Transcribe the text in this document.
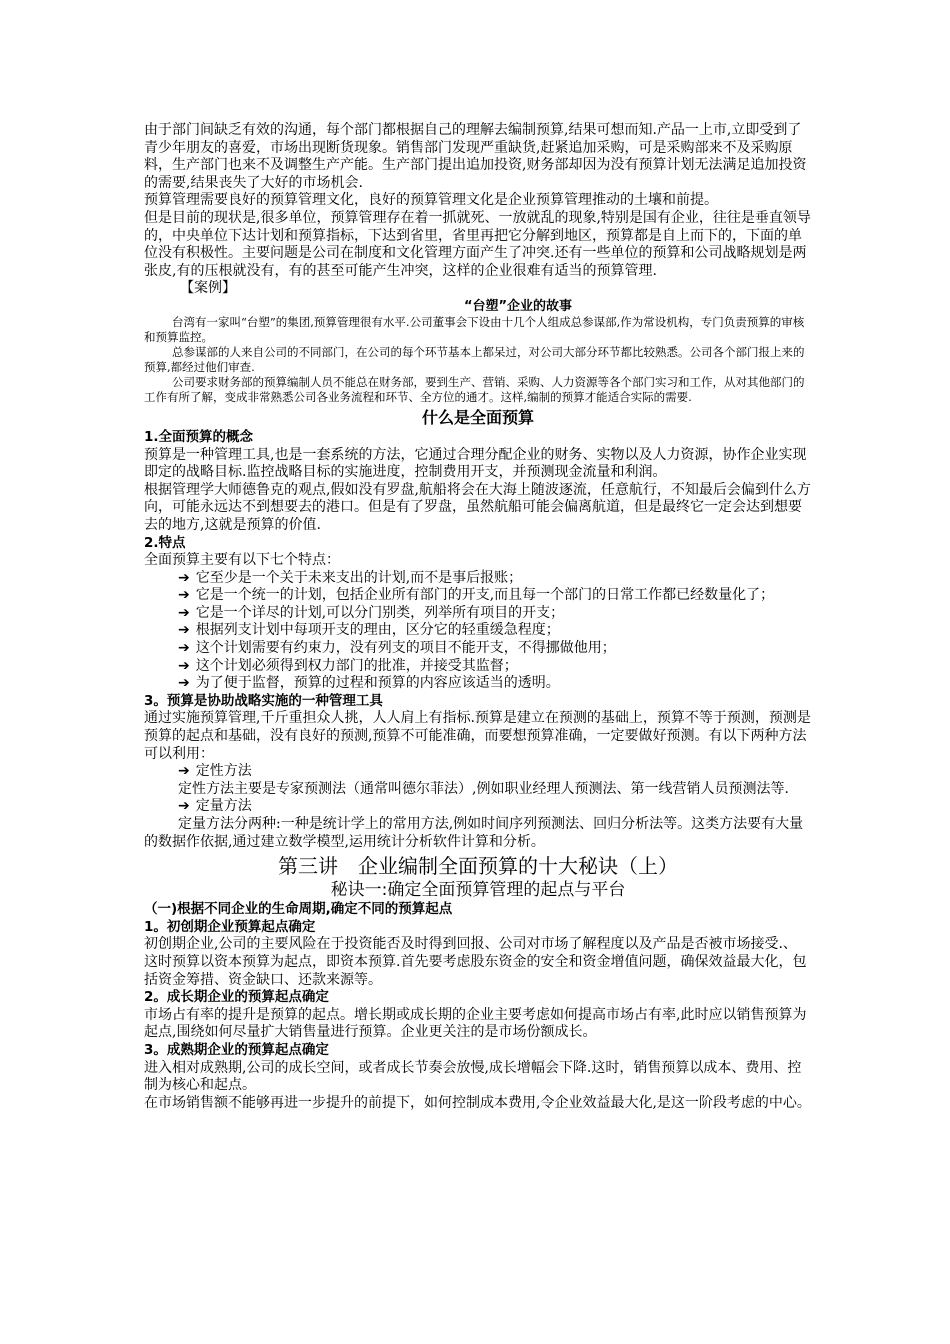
由于部门间缺乏有效的沟通，每个部门都根据自己的理解去编制预算,结果可想而知.产品一上市,立即受到了青少年朋友的喜爱，市场出现断货现象。销售部门发现严重缺货,赶紧追加采购，可是采购部来不及采购原料，生产部门也来不及调整生产产能。生产部门提出追加投资,财务部却因为没有预算计划无法满足追加投资的需要,结果丧失了大好的市场机会.

预算管理需要良好的预算管理文化，良好的预算管理文化是企业预算管理推动的土壤和前提。

但是目前的现状是,很多单位，预算管理存在着一抓就死、一放就乱的现象,特别是国有企业，往往是垂直领导的，中央单位下达计划和预算指标，下达到省里，省里再把它分解到地区，预算都是自上而下的，下面的单位没有积极性。主要问题是公司在制度和文化管理方面产生了冲突.还有一些单位的预算和公司战略规划是两张皮,有的压根就没有，有的甚至可能产生冲突，这样的企业很难有适当的预算管理.

【案例】

“台塑”企业的故事

台湾有一家叫“台塑”的集团,预算管理很有水平.公司董事会下设由十几个人组成总参谋部,作为常设机构，专门负责预算的审核和预算监控。

总参谋部的人来自公司的不同部门，在公司的每个环节基本上都呆过，对公司大部分环节都比较熟悉。公司各个部门报上来的预算,都经过他们审查.

公司要求财务部的预算编制人员不能总在财务部，要到生产、营销、采购、人力资源等各个部门实习和工作，从对其他部门的工作有所了解，变成非常熟悉公司各业务流程和环节、全方位的通才。这样,编制的预算才能适合实际的需要.

什么是全面预算

1.全面预算的概念

预算是一种管理工具,也是一套系统的方法，它通过合理分配企业的财务、实物以及人力资源，协作企业实现即定的战略目标.监控战略目标的实施进度，控制费用开支，并预测现金流量和利润。

根据管理学大师德鲁克的观点,假如没有罗盘,航船将会在大海上随波逐流，任意航行，不知最后会偏到什么方向，可能永远达不到想要去的港口。但是有了罗盘，虽然航船可能会偏离航道，但是最终它一定会达到想要去的地方,这就是预算的价值.

2.特点

全面预算主要有以下七个特点：

➔ 它至少是一个关于未来支出的计划,而不是事后报账；

➔ 它是一个统一的计划，包括企业所有部门的开支,而且每一个部门的日常工作都已经数量化了；

➔ 它是一个详尽的计划,可以分门别类，列举所有项目的开支；

➔ 根据列支计划中每项开支的理由，区分它的轻重缓急程度；

➔ 这个计划需要有约束力，没有列支的项目不能开支，不得挪做他用；

➔ 这个计划必须得到权力部门的批准，并接受其监督；

➔ 为了便于监督，预算的过程和预算的内容应该适当的透明。

3。预算是协助战略实施的一种管理工具

通过实施预算管理,千斤重担众人挑，人人肩上有指标.预算是建立在预测的基础上，预算不等于预测，预测是预算的起点和基础，没有良好的预测,预算不可能准确，而要想预算准确，一定要做好预测。有以下两种方法可以利用：

➔ 定性方法

定性方法主要是专家预测法（通常叫德尔菲法）,例如职业经理人预测法、第一线营销人员预测法等.

➔ 定量方法

定量方法分两种:一种是统计学上的常用方法,例如时间序列预测法、回归分析法等。这类方法要有大量的数据作依据,通过建立数学模型,运用统计分析软件计算和分析。

第三讲　企业编制全面预算的十大秘诀（上）

秘诀一:确定全面预算管理的起点与平台

（一)根据不同企业的生命周期,确定不同的预算起点

1。初创期企业预算起点确定

初创期企业,公司的主要风险在于投资能否及时得到回报、公司对市场了解程度以及产品是否被市场接受.、

这时预算以资本预算为起点，即资本预算.首先要考虑股东资金的安全和资金增值问题，确保效益最大化，包括资金筹措、资金缺口、还款来源等。

2。成长期企业的预算起点确定

市场占有率的提升是预算的起点。增长期或成长期的企业主要考虑如何提高市场占有率,此时应以销售预算为起点,围绕如何尽量扩大销售量进行预算。企业更关注的是市场份额成长。

3。成熟期企业的预算起点确定

进入相对成熟期,公司的成长空间，或者成长节奏会放慢,成长增幅会下降.这时，销售预算以成本、费用、控制为核心和起点。

在市场销售额不能够再进一步提升的前提下，如何控制成本费用,令企业效益最大化,是这一阶段考虑的中心。
